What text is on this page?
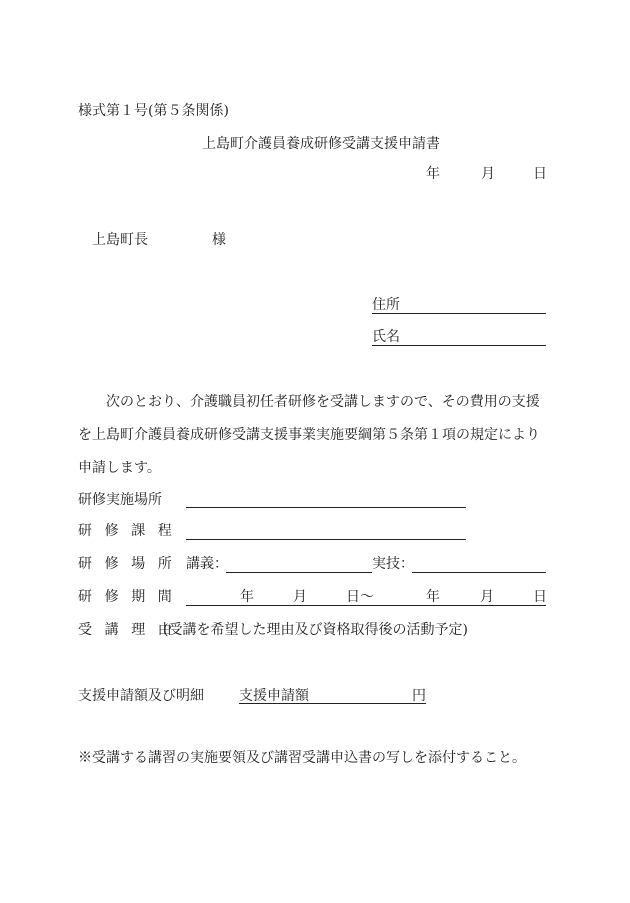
様式第１号(第５条関係)
上島町介護員養成研修受講支援申請書
年	月	日
上島町長	様
住所
氏名
次のとおり、介護職員初任者研修を受講しますので、その費用の支援を上島町介護員養成研修受講支援事業実施要綱第５条第１項の規定により申請します。
研修実施場所
研修課程
研修場所 講義：	実技：
研修期間	年	月	日〜	年	月	日
受講理由
(受講を希望した理由及び資格取得後の活動予定)
支援申請額及び明細	支援申請額	円
※受講する講習の実施要領及び講習受講申込書の写しを添付すること。
